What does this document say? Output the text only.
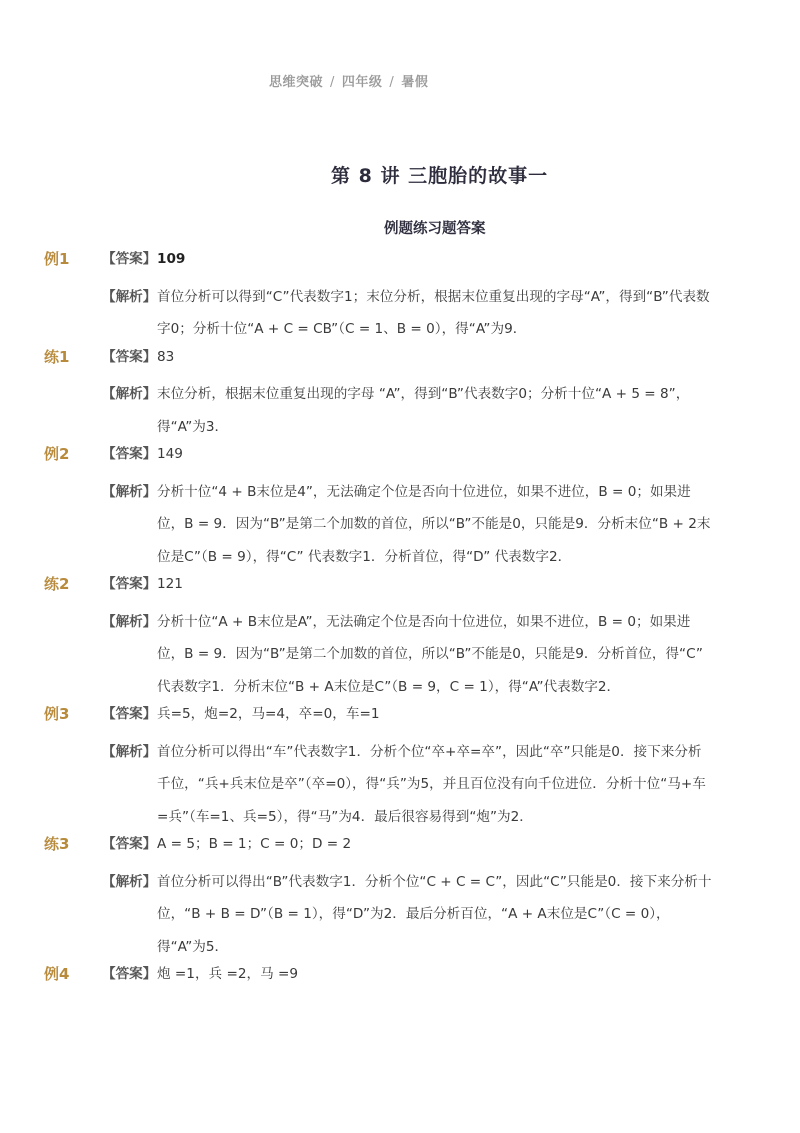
思维突破 / 四年级 / 暑假
第 8 讲 三胞胎的故事一
例题练习题答案
例1 【答案】 109
【解析】 首位分析可以得到“C”代表数字1；末位分析，根据末位重复出现的字母“A”，得到“B”代表数字0；分析十位“A + C = CB”（C = 1、B = 0），得“A”为9．
练1 【答案】 83
【解析】 末位分析，根据末位重复出现的字母 “A”，得到“B”代表数字0；分析十位“A + 5 = 8”，得“A”为3．
例2 【答案】 149
【解析】 分析十位“4 + B末位是4”，无法确定个位是否向十位进位，如果不进位，B = 0；如果进位，B = 9．因为“B”是第二个加数的首位，所以“B”不能是0，只能是9．分析末位“B + 2末位是C”（B = 9），得“C” 代表数字1．分析首位，得“D” 代表数字2．
练2 【答案】 121
【解析】 分析十位“A + B末位是A”，无法确定个位是否向十位进位，如果不进位，B = 0；如果进位，B = 9．因为“B”是第二个加数的首位，所以“B”不能是0，只能是9．分析首位，得“C” 代表数字1．分析末位“B + A末位是C”（B = 9，C = 1），得“A”代表数字2．
例3 【答案】 兵=5，炮=2，马=4，卒=0，车=1
【解析】 首位分析可以得出“车”代表数字1．分析个位“卒+卒=卒”，因此“卒”只能是0．接下来分析千位，“兵+兵末位是卒”（卒=0），得“兵”为5，并且百位没有向千位进位．分析十位“马+车=兵”（车=1、兵=5），得“马”为4．最后很容易得到“炮”为2．
练3 【答案】 A = 5；B = 1；C = 0；D = 2
【解析】 首位分析可以得出“B”代表数字1．分析个位“C + C = C”，因此“C”只能是0．接下来分析十位，“B + B = D”（B = 1），得“D”为2．最后分析百位，“A + A末位是C”（C = 0），得“A”为5．
例4 【答案】 炮 =1，兵 =2，马 =9
